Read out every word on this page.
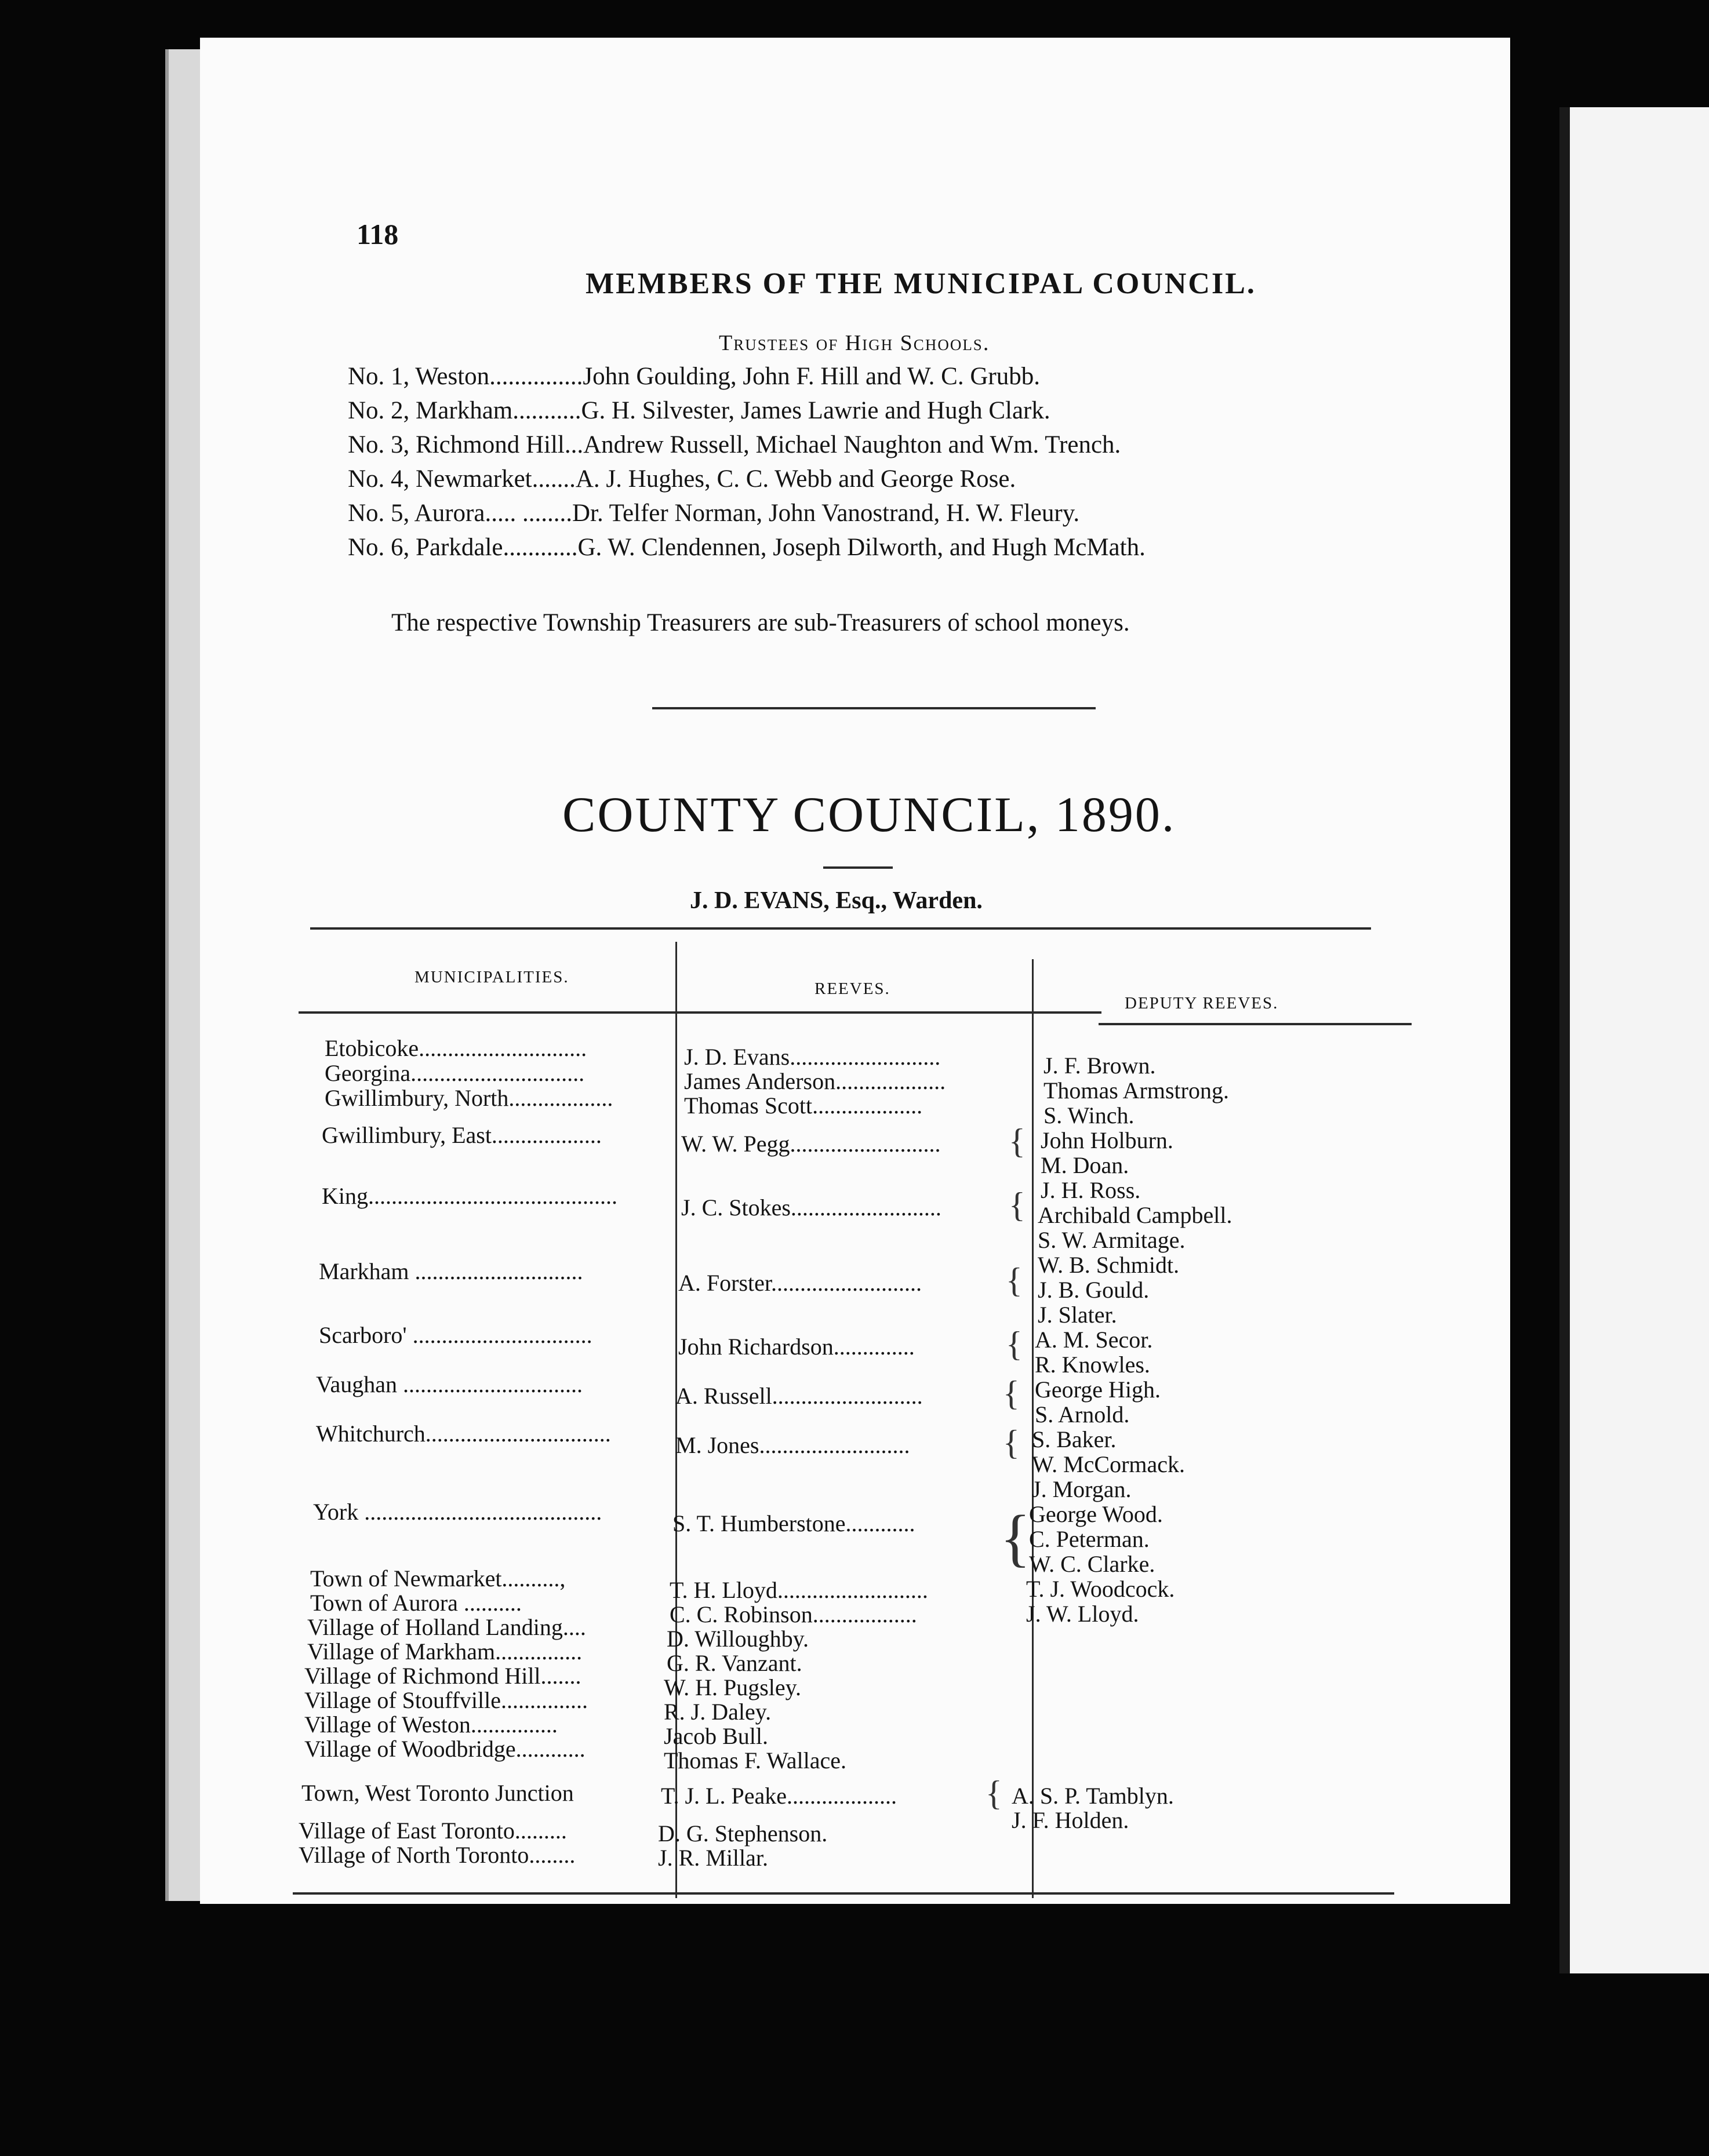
118
MEMBERS OF THE MUNICIPAL COUNCIL.
Trustees of High Schools.
No. 1, Weston...............John Goulding, John F. Hill and W. C. Grubb.
No. 2, Markham...........G. H. Silvester, James Lawrie and Hugh Clark.
No. 3, Richmond Hill...Andrew Russell, Michael Naughton and Wm. Trench.
No. 4, Newmarket.......A. J. Hughes, C. C. Webb and George Rose.
No. 5, Aurora..... ........Dr. Telfer Norman, John Vanostrand, H. W. Fleury.
No. 6, Parkdale............G. W. Clendennen, Joseph Dilworth, and Hugh McMath.
The respective Township Treasurers are sub-Treasurers of school moneys.
COUNTY COUNCIL, 1890.
J. D. EVANS, Esq., Warden.
MUNICIPALITIES.
REEVES.
DEPUTY REEVES.
Etobicoke.............................
Georgina..............................
Gwillimbury, North..................
Gwillimbury, East...................
King...........................................
Markham .............................
Scarboro' ...............................
Vaughan ...............................
Whitchurch................................
York .........................................
Town of Newmarket..........,
Town of Aurora ..........
Village of Holland Landing....
Village of Markham...............
Village of Richmond Hill.......
Village of Stouffville...............
Village of Weston...............
Village of Woodbridge............
Town, West Toronto Junction
Village of East Toronto.........
Village of North Toronto........
J. D. Evans..........................
James Anderson...................
Thomas Scott...................
W. W. Pegg..........................
J. C. Stokes..........................
A. Forster..........................
John Richardson..............
A. Russell..........................
M. Jones..........................
S. T. Humberstone............
T. H. Lloyd..........................
C. C. Robinson..................
D. Willoughby.
G. R. Vanzant.
W. H. Pugsley.
R. J. Daley.
Jacob Bull.
Thomas F. Wallace.
T. J. L. Peake...................
D. G. Stephenson.
J. R. Millar.
{
{
{
{
{
{
{
{
J. F. Brown.
Thomas Armstrong.
S. Winch.
John Holburn.
M. Doan.
J. H. Ross.
Archibald Campbell.
S. W. Armitage.
W. B. Schmidt.
J. B. Gould.
J. Slater.
A. M. Secor.
R. Knowles.
George High.
S. Arnold.
S. Baker.
W. McCormack.
J. Morgan.
George Wood.
C. Peterman.
W. C. Clarke.
T. J. Woodcock.
J. W. Lloyd.
A. S. P. Tamblyn.
J. F. Holden.
